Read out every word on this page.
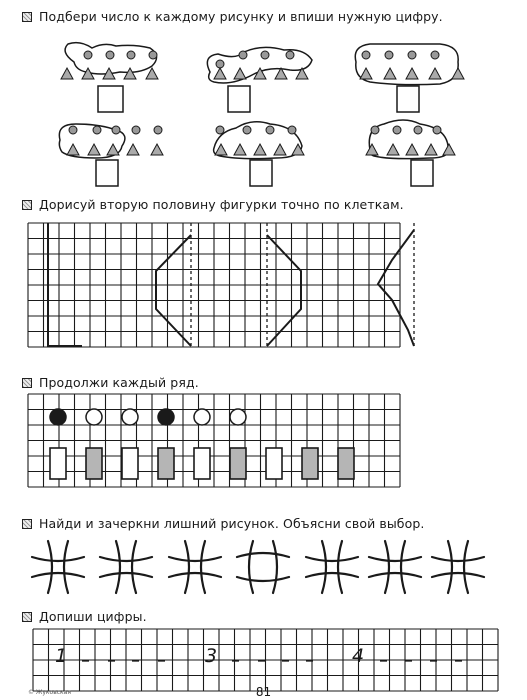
Подбери число к каждому рисунку и впиши нужную цифру.
Дорисуй вторую половину фигурки точно по клеткам.
Продолжи каждый ряд.
Найди и зачеркни лишний рисунок. Объясни свой выбор.
Допиши цифры.
1	3	4
81
© Жуковская
